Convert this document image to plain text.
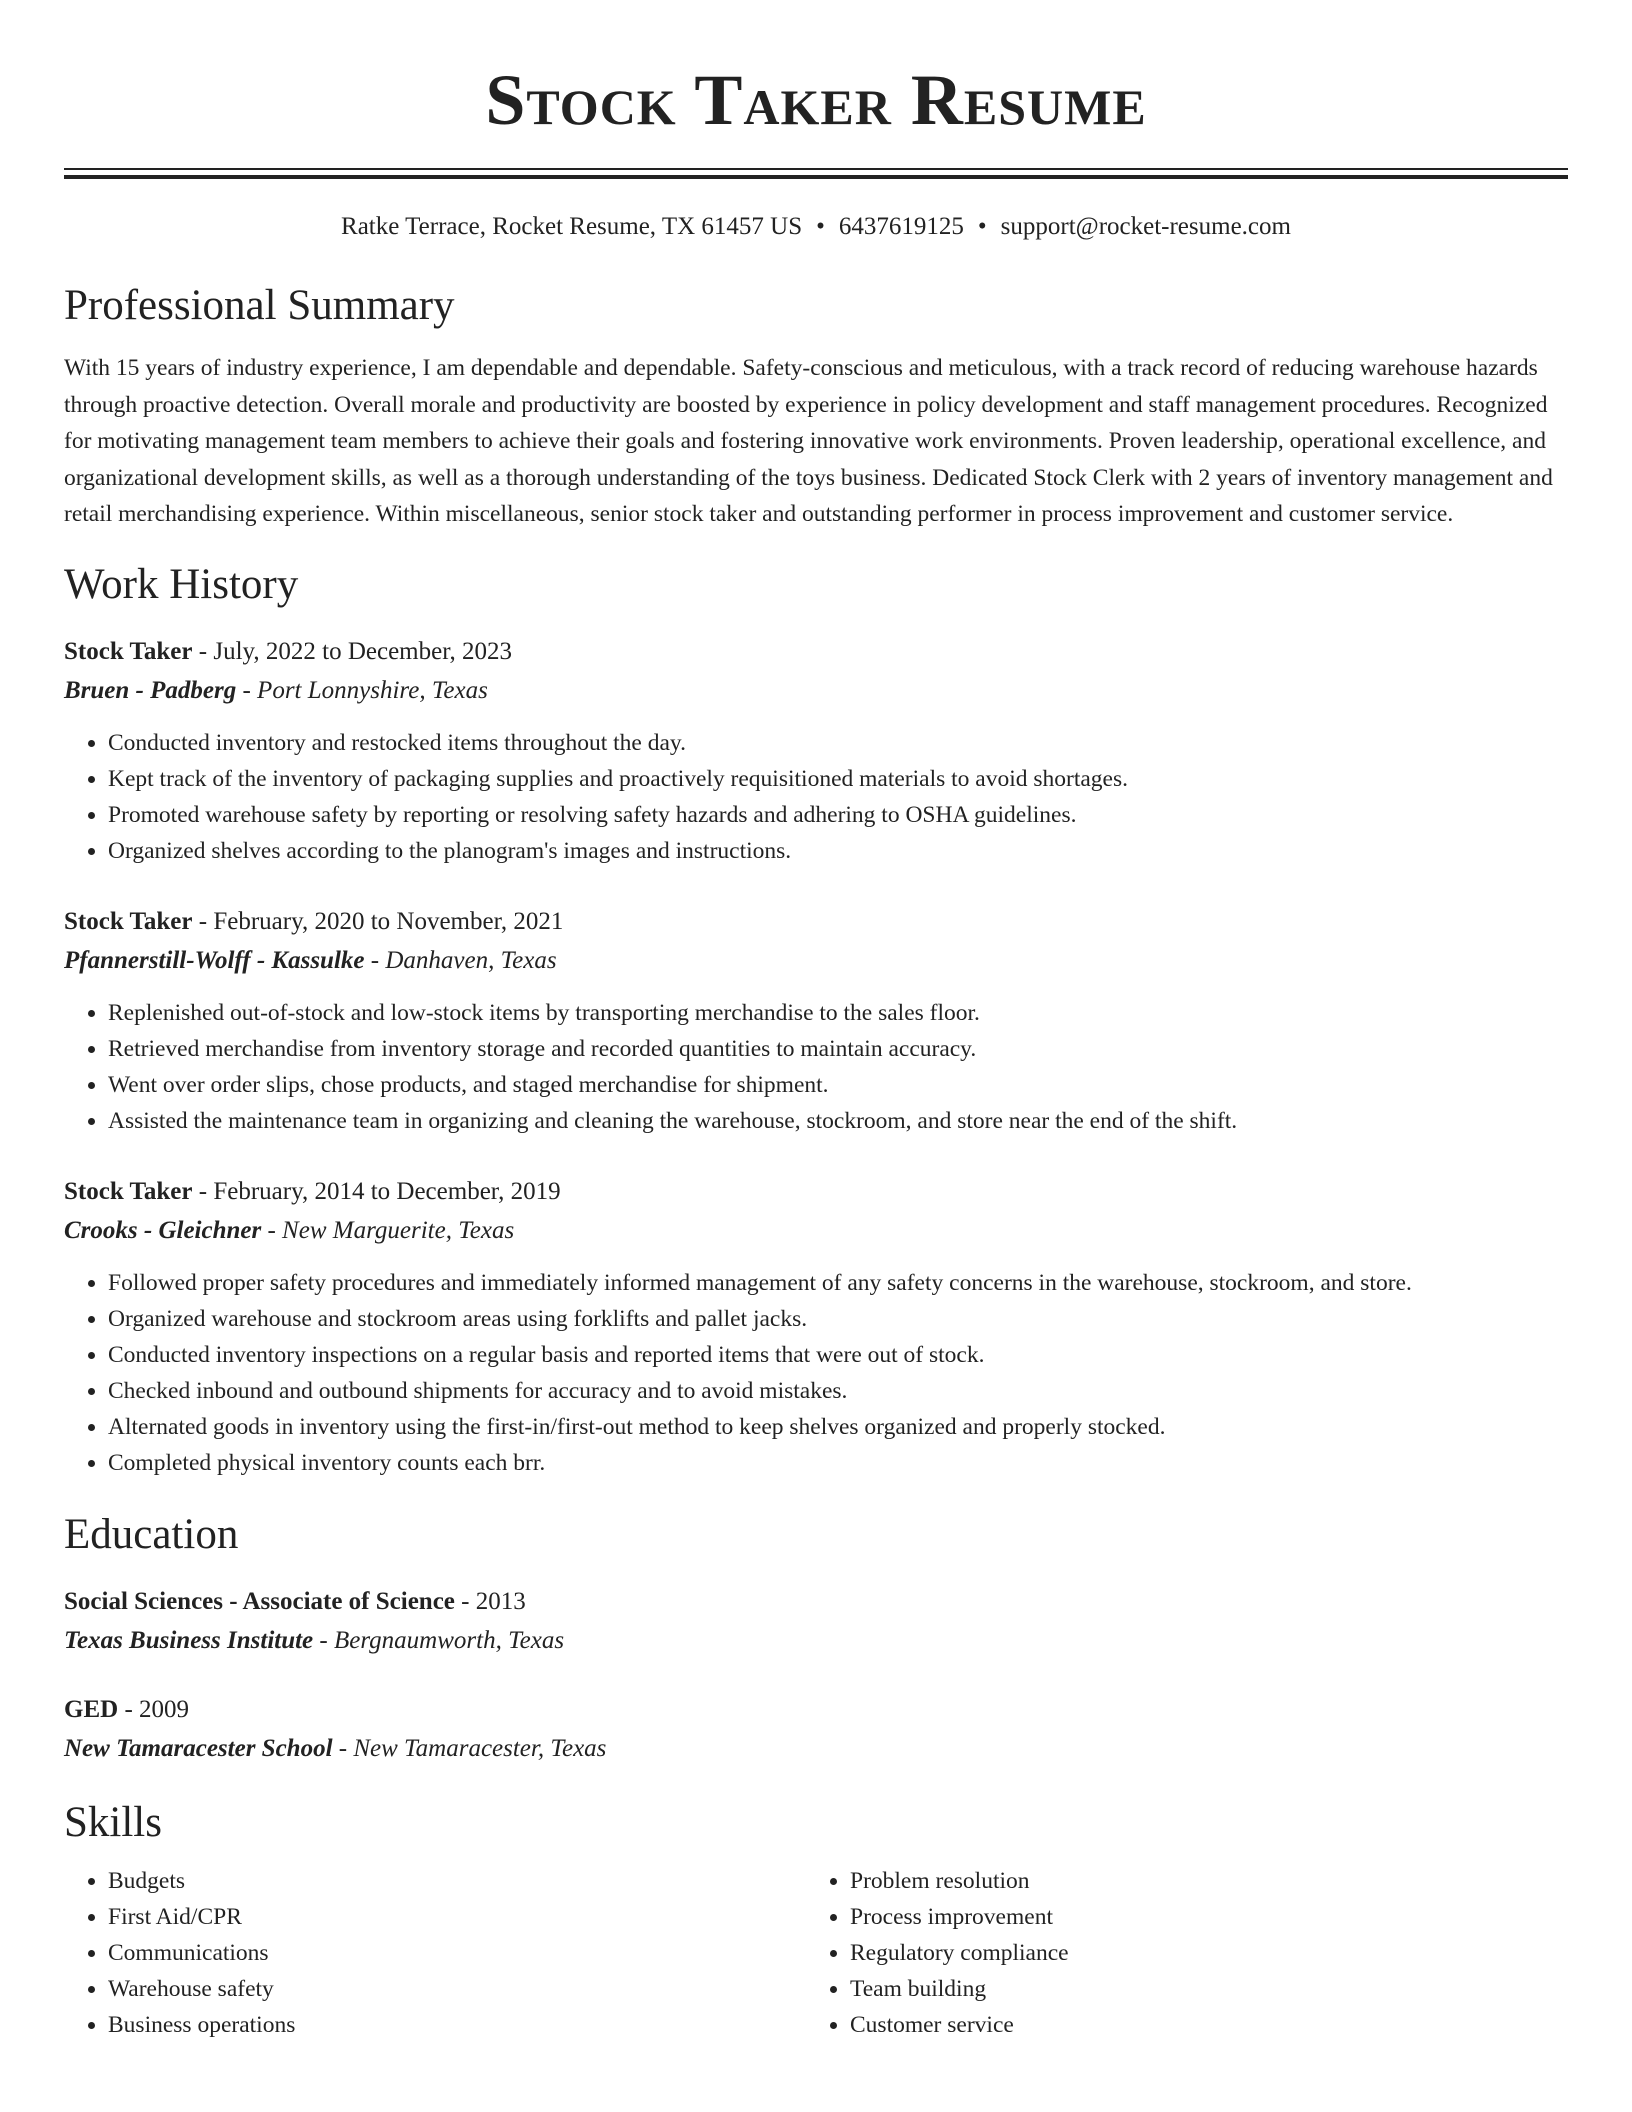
Stock Taker Resume
Ratke Terrace, Rocket Resume, TX 61457 US • 6437619125 • support@rocket-resume.com
Professional Summary

With 15 years of industry experience, I am dependable and dependable. Safety-conscious and meticulous, with a track record of reducing warehouse hazards through proactive detection. Overall morale and productivity are boosted by experience in policy development and staff management procedures. Recognized for motivating management team members to achieve their goals and fostering innovative work environments. Proven leadership, operational excellence, and organizational development skills, as well as a thorough understanding of the toys business. Dedicated Stock Clerk with 2 years of inventory management and retail merchandising experience. Within miscellaneous, senior stock taker and outstanding performer in process improvement and customer service.

Work History
Stock Taker - July, 2022 to December, 2023
Bruen - Padberg - Port Lonnyshire, Texas
• Conducted inventory and restocked items throughout the day.
• Kept track of the inventory of packaging supplies and proactively requisitioned materials to avoid shortages.
• Promoted warehouse safety by reporting or resolving safety hazards and adhering to OSHA guidelines.
• Organized shelves according to the planogram's images and instructions.
Stock Taker - February, 2020 to November, 2021
Pfannerstill-Wolff - Kassulke - Danhaven, Texas
• Replenished out-of-stock and low-stock items by transporting merchandise to the sales floor.
• Retrieved merchandise from inventory storage and recorded quantities to maintain accuracy.
• Went over order slips, chose products, and staged merchandise for shipment.
• Assisted the maintenance team in organizing and cleaning the warehouse, stockroom, and store near the end of the shift.
Stock Taker - February, 2014 to December, 2019
Crooks - Gleichner - New Marguerite, Texas
• Followed proper safety procedures and immediately informed management of any safety concerns in the warehouse, stockroom, and store.
• Organized warehouse and stockroom areas using forklifts and pallet jacks.
• Conducted inventory inspections on a regular basis and reported items that were out of stock.
• Checked inbound and outbound shipments for accuracy and to avoid mistakes.
• Alternated goods in inventory using the first-in/first-out method to keep shelves organized and properly stocked.
• Completed physical inventory counts each brr.
Education
Social Sciences - Associate of Science - 2013
Texas Business Institute - Bergnaumworth, Texas
GED - 2009
New Tamaracester School - New Tamaracester, Texas
Skills
• Budgets
• First Aid/CPR
• Communications
• Warehouse safety
• Business operations
• Problem resolution
• Process improvement
• Regulatory compliance
• Team building
• Customer service
